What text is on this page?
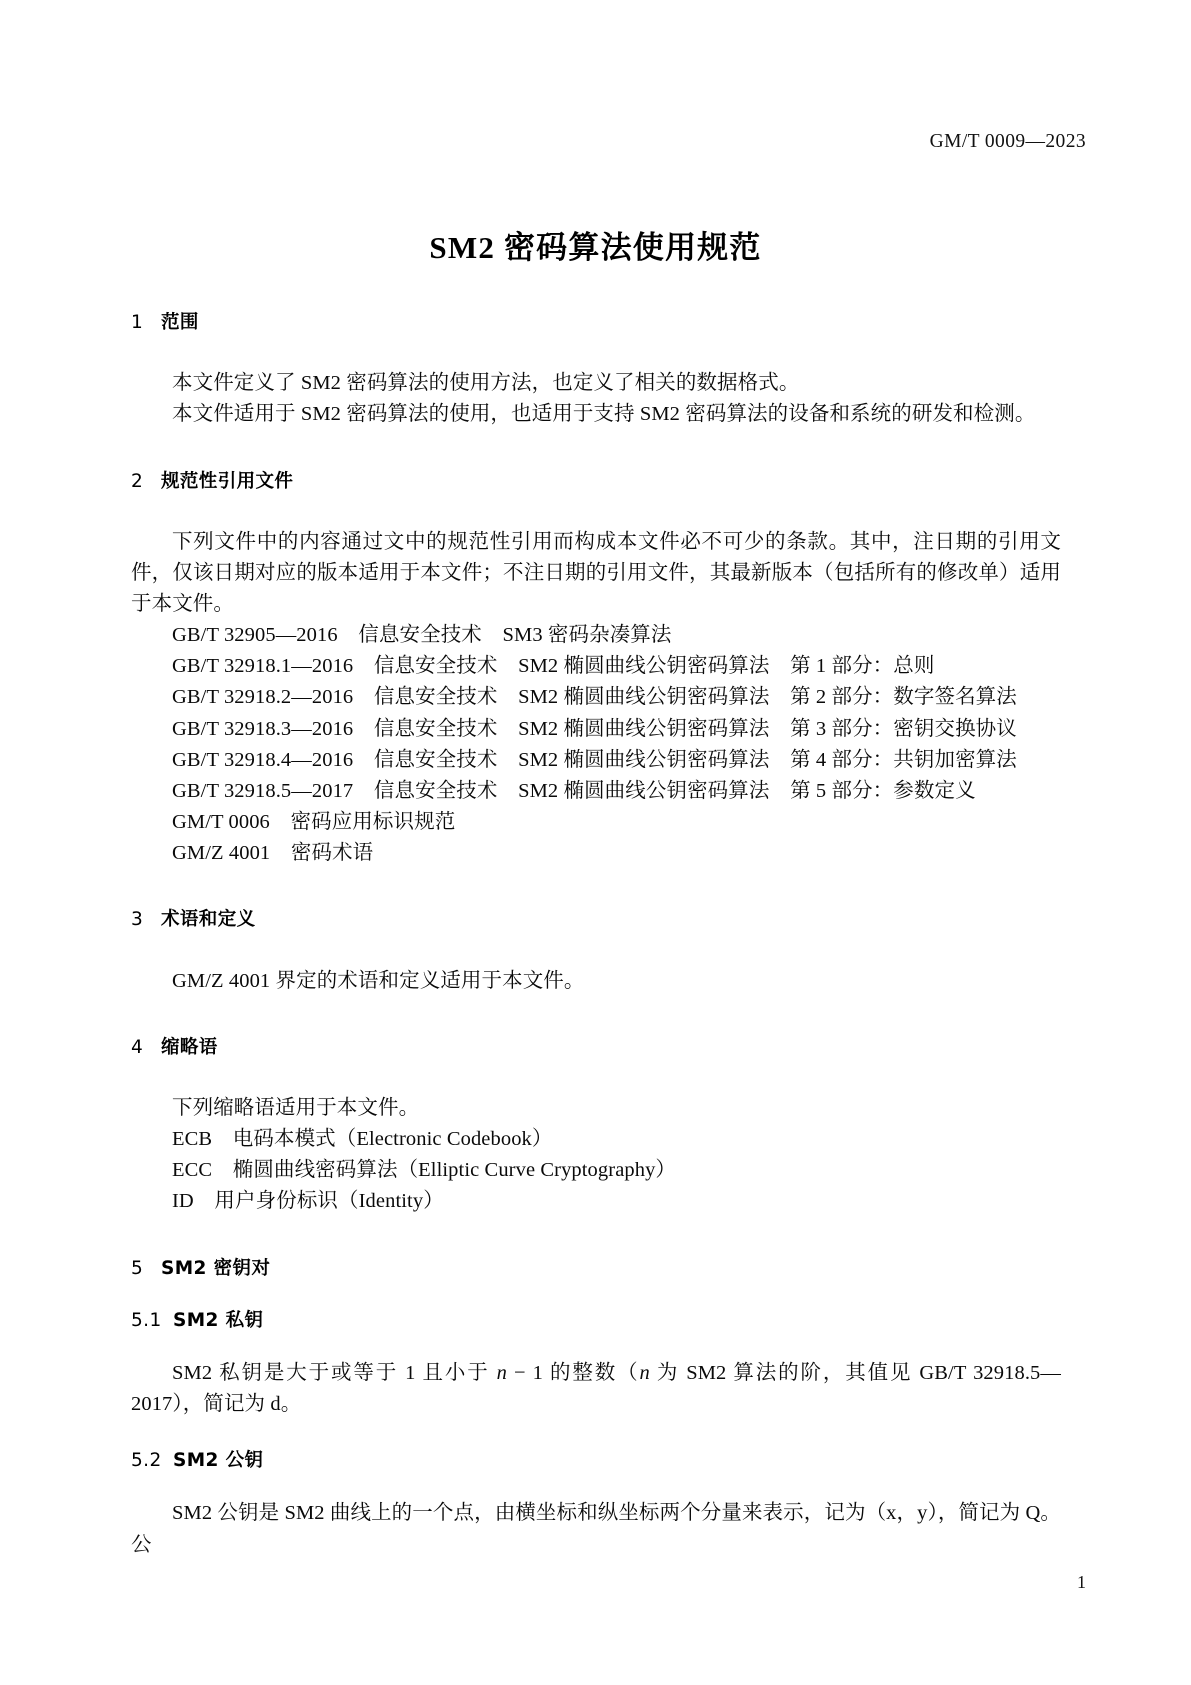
GM/T 0009—2023
SM2 密码算法使用规范
1 范围

本文件定义了 SM2 密码算法的使用方法，也定义了相关的数据格式。

本文件适用于 SM2 密码算法的使用，也适用于支持 SM2 密码算法的设备和系统的研发和检测。

2 规范性引用文件

下列文件中的内容通过文中的规范性引用而构成本文件必不可少的条款。其中，注日期的引用文件，仅该日期对应的版本适用于本文件；不注日期的引用文件，其最新版本（包括所有的修改单）适用于本文件。

GB/T 32905—2016　信息安全技术　SM3 密码杂凑算法
GB/T 32918.1—2016　信息安全技术　SM2 椭圆曲线公钥密码算法　第 1 部分：总则
GB/T 32918.2—2016　信息安全技术　SM2 椭圆曲线公钥密码算法　第 2 部分：数字签名算法
GB/T 32918.3—2016　信息安全技术　SM2 椭圆曲线公钥密码算法　第 3 部分：密钥交换协议
GB/T 32918.4—2016　信息安全技术　SM2 椭圆曲线公钥密码算法　第 4 部分：共钥加密算法
GB/T 32918.5—2017　信息安全技术　SM2 椭圆曲线公钥密码算法　第 5 部分：参数定义
GM/T 0006　密码应用标识规范
GM/Z 4001　密码术语
3 术语和定义

GM/Z 4001 界定的术语和定义适用于本文件。

4 缩略语

下列缩略语适用于本文件。

ECB　电码本模式（Electronic Codebook）
ECC　椭圆曲线密码算法（Elliptic Curve Cryptography）
ID　用户身份标识（Identity）
5 SM2 密钥对
5.1 SM2 私钥

SM2 私钥是大于或等于 1 且小于 n − 1 的整数（n 为 SM2 算法的阶，其值见 GB/T 32918.5—2017），简记为 d。

5.2 SM2 公钥

SM2 公钥是 SM2 曲线上的一个点，由横坐标和纵坐标两个分量来表示，记为（x，y），简记为 Q。公

1
